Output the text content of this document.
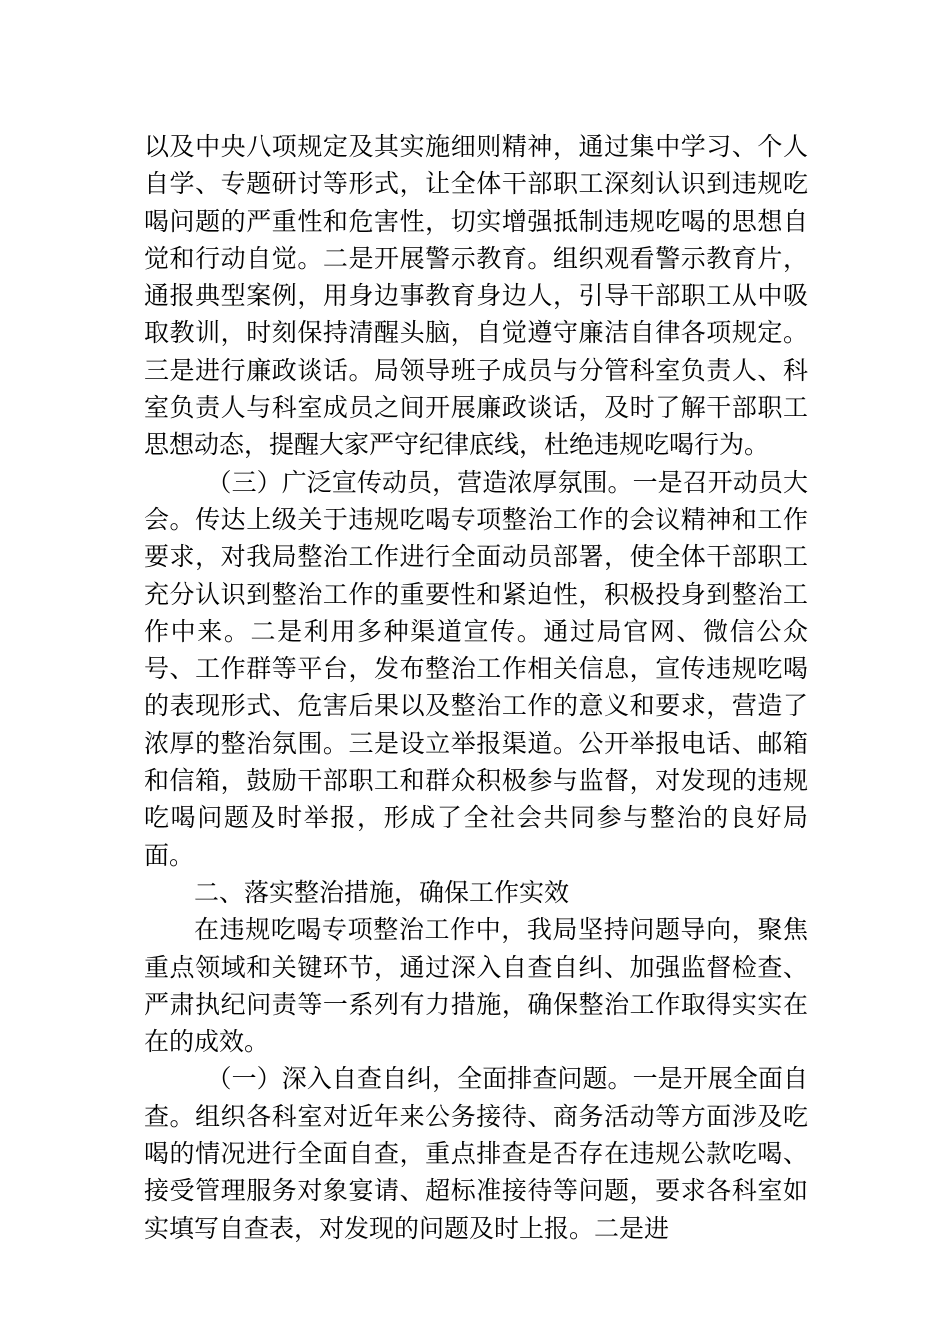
以及中央八项规定及其实施细则精神，通过集中学习、个人自学、专题研讨等形式，让全体干部职工深刻认识到违规吃喝问题的严重性和危害性，切实增强抵制违规吃喝的思想自觉和行动自觉。二是开展警示教育。组织观看警示教育片，通报典型案例，用身边事教育身边人，引导干部职工从中吸取教训，时刻保持清醒头脑，自觉遵守廉洁自律各项规定。三是进行廉政谈话。局领导班子成员与分管科室负责人、科室负责人与科室成员之间开展廉政谈话，及时了解干部职工思想动态，提醒大家严守纪律底线，杜绝违规吃喝行为。

（三）广泛宣传动员，营造浓厚氛围。一是召开动员大会。传达上级关于违规吃喝专项整治工作的会议精神和工作要求，对我局整治工作进行全面动员部署，使全体干部职工充分认识到整治工作的重要性和紧迫性，积极投身到整治工作中来。二是利用多种渠道宣传。通过局官网、微信公众号、工作群等平台，发布整治工作相关信息，宣传违规吃喝的表现形式、危害后果以及整治工作的意义和要求，营造了浓厚的整治氛围。三是设立举报渠道。公开举报电话、邮箱和信箱，鼓励干部职工和群众积极参与监督，对发现的违规吃喝问题及时举报，形成了全社会共同参与整治的良好局面。

二、落实整治措施，确保工作实效

在违规吃喝专项整治工作中，我局坚持问题导向，聚焦重点领域和关键环节，通过深入自查自纠、加强监督检查、严肃执纪问责等一系列有力措施，确保整治工作取得实实在在的成效。

（一）深入自查自纠，全面排查问题。一是开展全面自查。组织各科室对近年来公务接待、商务活动等方面涉及吃喝的情况进行全面自查，重点排查是否存在违规公款吃喝、接受管理服务对象宴请、超标准接待等问题，要求各科室如实填写自查表，对发现的问题及时上报。二是进
